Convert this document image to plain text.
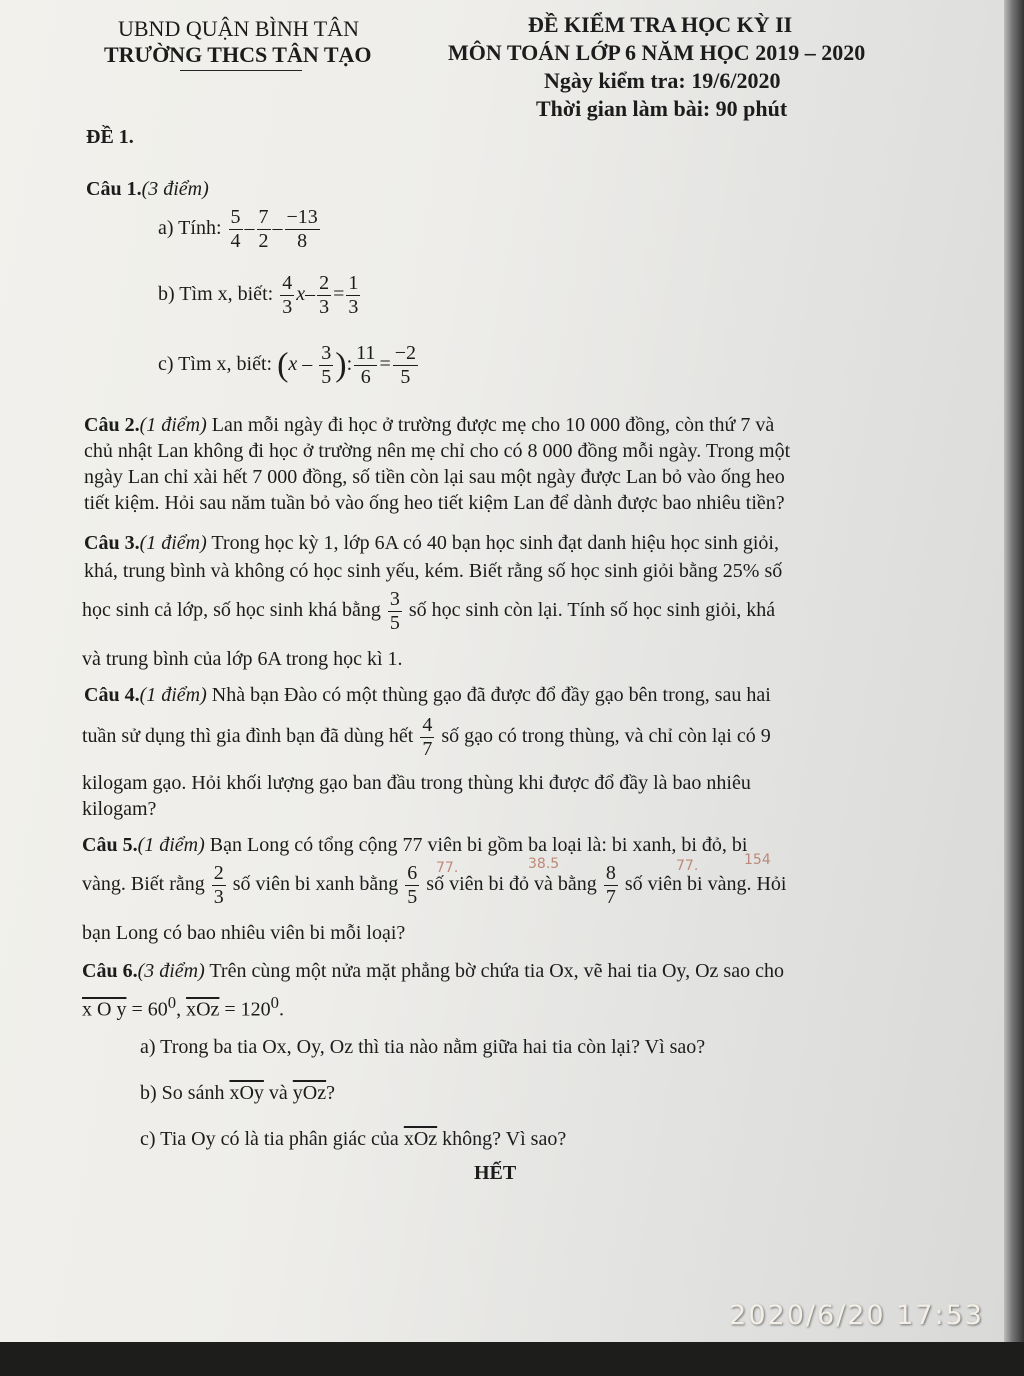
UBND QUẬN BÌNH TÂN
TRƯỜNG THCS TÂN TẠO
ĐỀ KIỂM TRA HỌC KỲ II
MÔN TOÁN LỚP 6 NĂM HỌC 2019 – 2020
Ngày kiểm tra: 19/6/2020
Thời gian làm bài: 90 phút
ĐỀ 1.
Câu 1.(3 điểm)
a) Tính: $\frac{5}{4} - \frac{7}{2} - \frac{-13}{8}$
b) Tìm x, biết: $\frac{4}{3} x- \frac{2}{3} = \frac{1}{3}$
c) Tìm x, biết: ($x - \frac{3}{5}$ ): $\frac{11}{6} = \frac{-2}{5}$
Câu 2.(1 điểm) Lan mỗi ngày đi học ở trường được mẹ cho 10 000 đồng, còn thứ 7 và
chủ nhật Lan không đi học ở trường nên mẹ chỉ cho có 8 000 đồng mỗi ngày. Trong một
ngày Lan chỉ xài hết 7 000 đồng, số tiền còn lại sau một ngày được Lan bỏ vào ống heo
tiết kiệm. Hỏi sau năm tuần bỏ vào ống heo tiết kiệm Lan để dành được bao nhiêu tiền?
Câu 3.(1 điểm) Trong học kỳ 1, lớp 6A có 40 bạn học sinh đạt danh hiệu học sinh giỏi,
khá, trung bình và không có học sinh yếu, kém. Biết rằng số học sinh giỏi bằng 25% số
học sinh cả lớp, số học sinh khá bằng $\frac{3}{5}$ số học sinh còn lại. Tính số học sinh giỏi, khá
và trung bình của lớp 6A trong học kì 1.
Câu 4.(1 điểm) Nhà bạn Đào có một thùng gạo đã được đổ đầy gạo bên trong, sau hai
tuần sử dụng thì gia đình bạn đã dùng hết $\frac{4}{7}$ số gạo có trong thùng, và chỉ còn lại có 9
kilogam gạo. Hỏi khối lượng gạo ban đầu trong thùng khi được đổ đầy là bao nhiêu
kilogam?
Câu 5.(1 điểm) Bạn Long có tổng cộng 77 viên bi gồm ba loại là: bi xanh, bi đỏ, bi
vàng. Biết rằng $\frac{2}{3}$ số viên bi xanh bằng $\frac{6}{5}$ số viên bi đỏ và bằng $\frac{8}{7}$ số viên bi vàng. Hỏi
bạn Long có bao nhiêu viên bi mỗi loại?
77.	38.5	77.	154
Câu 6.(3 điểm) Trên cùng một nửa mặt phẳng bờ chứa tia Ox, vẽ hai tia Oy, Oz sao cho
x O $y = 60^0$, $\overline{xOz} = 120^0$.
a) Trong ba tia Ox, Oy, Oz thì tia nào nằm giữa hai tia còn lại? Vì sao?
b) So sánh $\overline{xOy}$ và $\overline{yOz}$?
c) Tia Oy có là tia phân giác của $\overline{xOz}$ không? Vì sao?
HẾT
2020/6/20 17:53
